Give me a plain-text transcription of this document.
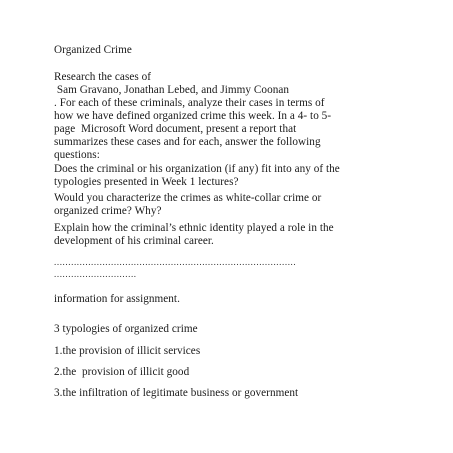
Organized Crime
Research the cases of
Sam Gravano, Jonathan Lebed, and Jimmy Coonan
. For each of these criminals, analyze their cases in terms of
how we have defined organized crime this week. In a 4- to 5-
page  Microsoft Word document, present a report that
summarizes these cases and for each, answer the following
questions:
Does the criminal or his organization (if any) fit into any of the
typologies presented in Week 1 lectures?
Would you characterize the crimes as white-collar crime or
organized crime? Why?
Explain how the criminal’s ethnic identity played a role in the
development of his criminal career.
.....................................................................................
.............................
information for assignment.
3 typologies of organized crime
1.the provision of illicit services
2.the  provision of illicit good
3.the infiltration of legitimate business or government
